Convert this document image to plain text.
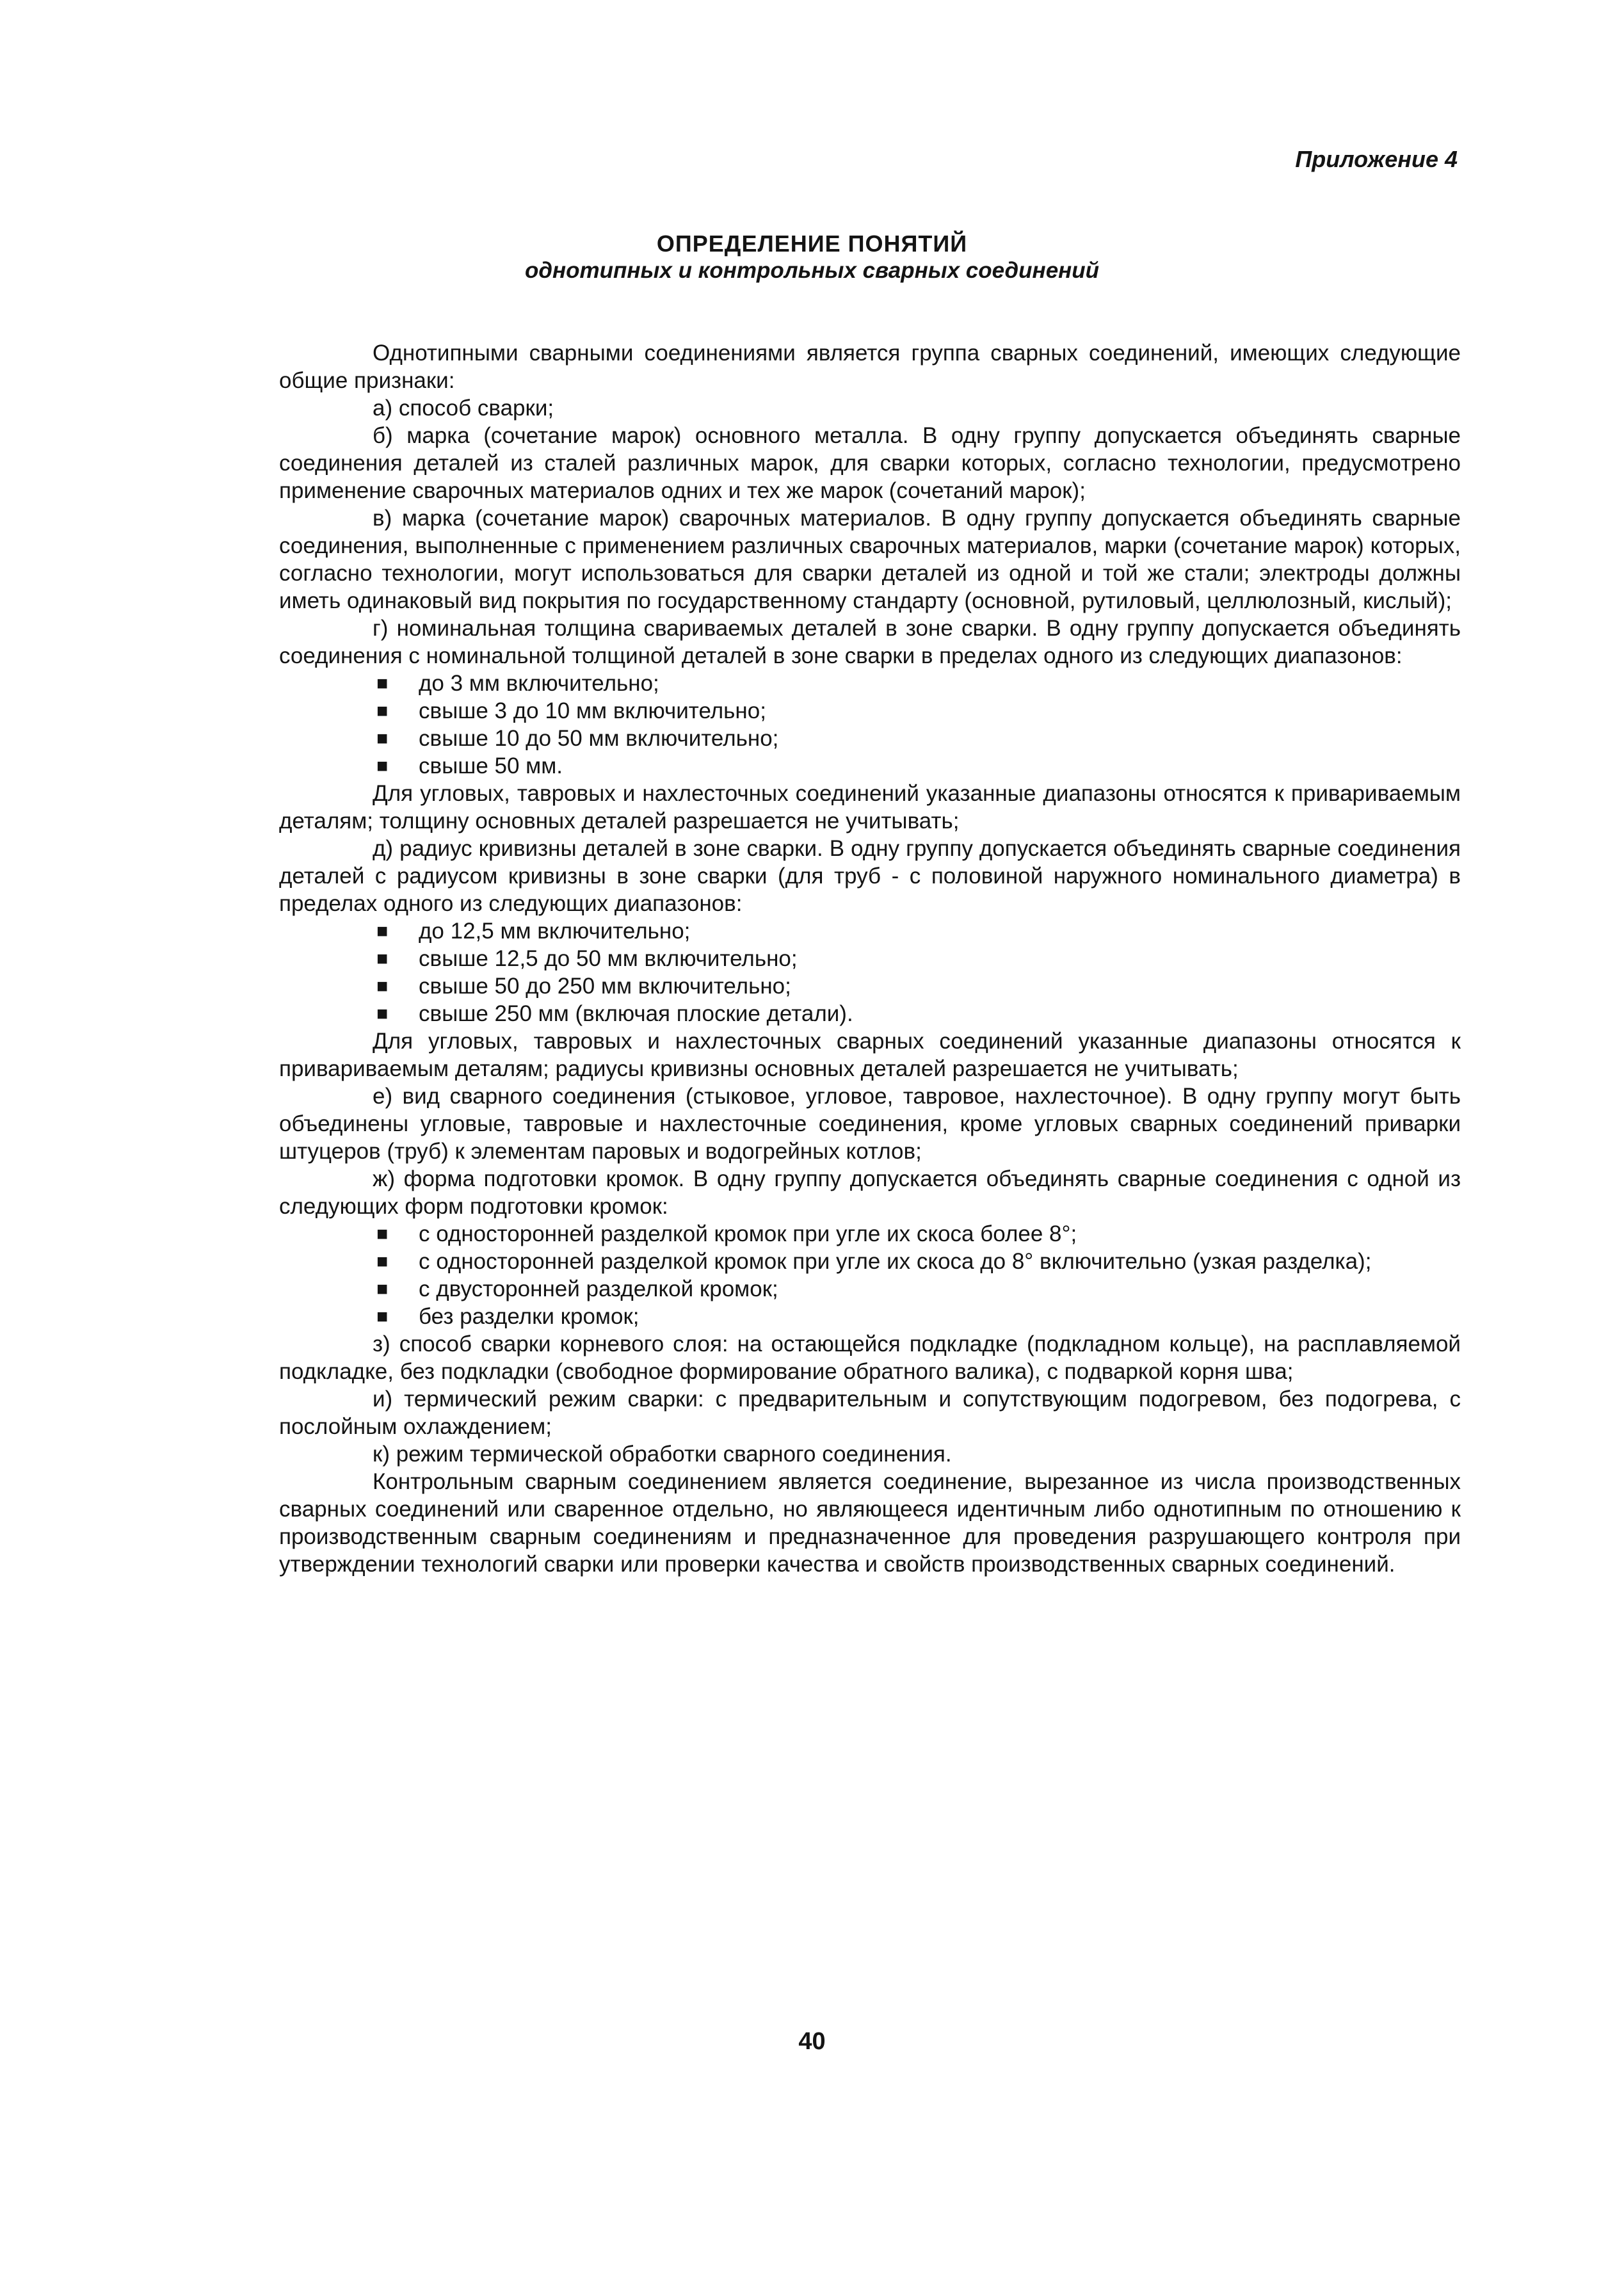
Приложение 4
ОПРЕДЕЛЕНИЕ ПОНЯТИЙ
однотипных и контрольных сварных соединений

Однотипными сварными соединениями является группа сварных соединений, имеющих следующие общие признаки:

а) способ сварки;

б) марка (сочетание марок) основного металла. В одну группу допускается объединять сварные соединения деталей из сталей различных марок, для сварки которых, согласно технологии, предусмотрено применение сварочных материалов одних и тех же марок (сочетаний марок);

в) марка (сочетание марок) сварочных материалов. В одну группу допускается объединять сварные соединения, выполненные с применением различных сварочных материалов, марки (сочетание марок) которых, согласно технологии, могут использоваться для сварки деталей из одной и той же стали; электроды должны иметь одинаковый вид покрытия по государственному стандарту (основной, рутиловый, целлюлозный, кислый);

г) номинальная толщина свариваемых деталей в зоне сварки. В одну группу допускается объединять соединения с номинальной толщиной деталей в зоне сварки в пределах одного из следующих диапазонов:

■ до 3 мм включительно;
■ свыше 3 до 10 мм включительно;
■ свыше 10 до 50 мм включительно;
■ свыше 50 мм.

Для угловых, тавровых и нахлесточных соединений указанные диапазоны относятся к привариваемым деталям; толщину основных деталей разрешается не учитывать;

д) радиус кривизны деталей в зоне сварки. В одну группу допускается объединять сварные соединения деталей с радиусом кривизны в зоне сварки (для труб - с половиной наружного номинального диаметра) в пределах одного из следующих диапазонов:

■ до 12,5 мм включительно;
■ свыше 12,5 до 50 мм включительно;
■ свыше 50 до 250 мм включительно;
■ свыше 250 мм (включая плоские детали).

Для угловых, тавровых и нахлесточных сварных соединений указанные диапазоны относятся к привариваемым деталям; радиусы кривизны основных деталей разрешается не учитывать;

е) вид сварного соединения (стыковое, угловое, тавровое, нахлесточное). В одну группу могут быть объединены угловые, тавровые и нахлесточные соединения, кроме угловых сварных соединений приварки штуцеров (труб) к элементам паровых и водогрейных котлов;

ж) форма подготовки кромок. В одну группу допускается объединять сварные соединения с одной из следующих форм подготовки кромок:

■ с односторонней разделкой кромок при угле их скоса более 8°;
■ с односторонней разделкой кромок при угле их скоса до 8° включительно (узкая разделка);
■ с двусторонней разделкой кромок;
■ без разделки кромок;

з) способ сварки корневого слоя: на остающейся подкладке (подкладном кольце), на расплавляемой подкладке, без подкладки (свободное формирование обратного валика), с подваркой корня шва;

и) термический режим сварки: с предварительным и сопутствующим подогревом, без подогрева, с послойным охлаждением;

к) режим термической обработки сварного соединения.

Контрольным сварным соединением является соединение, вырезанное из числа производственных сварных соединений или сваренное отдельно, но являющееся идентичным либо однотипным по отношению к производственным сварным соединениям и предназначенное для проведения разрушающего контроля при утверждении технологий сварки или проверки качества и свойств производственных сварных соединений.

40
